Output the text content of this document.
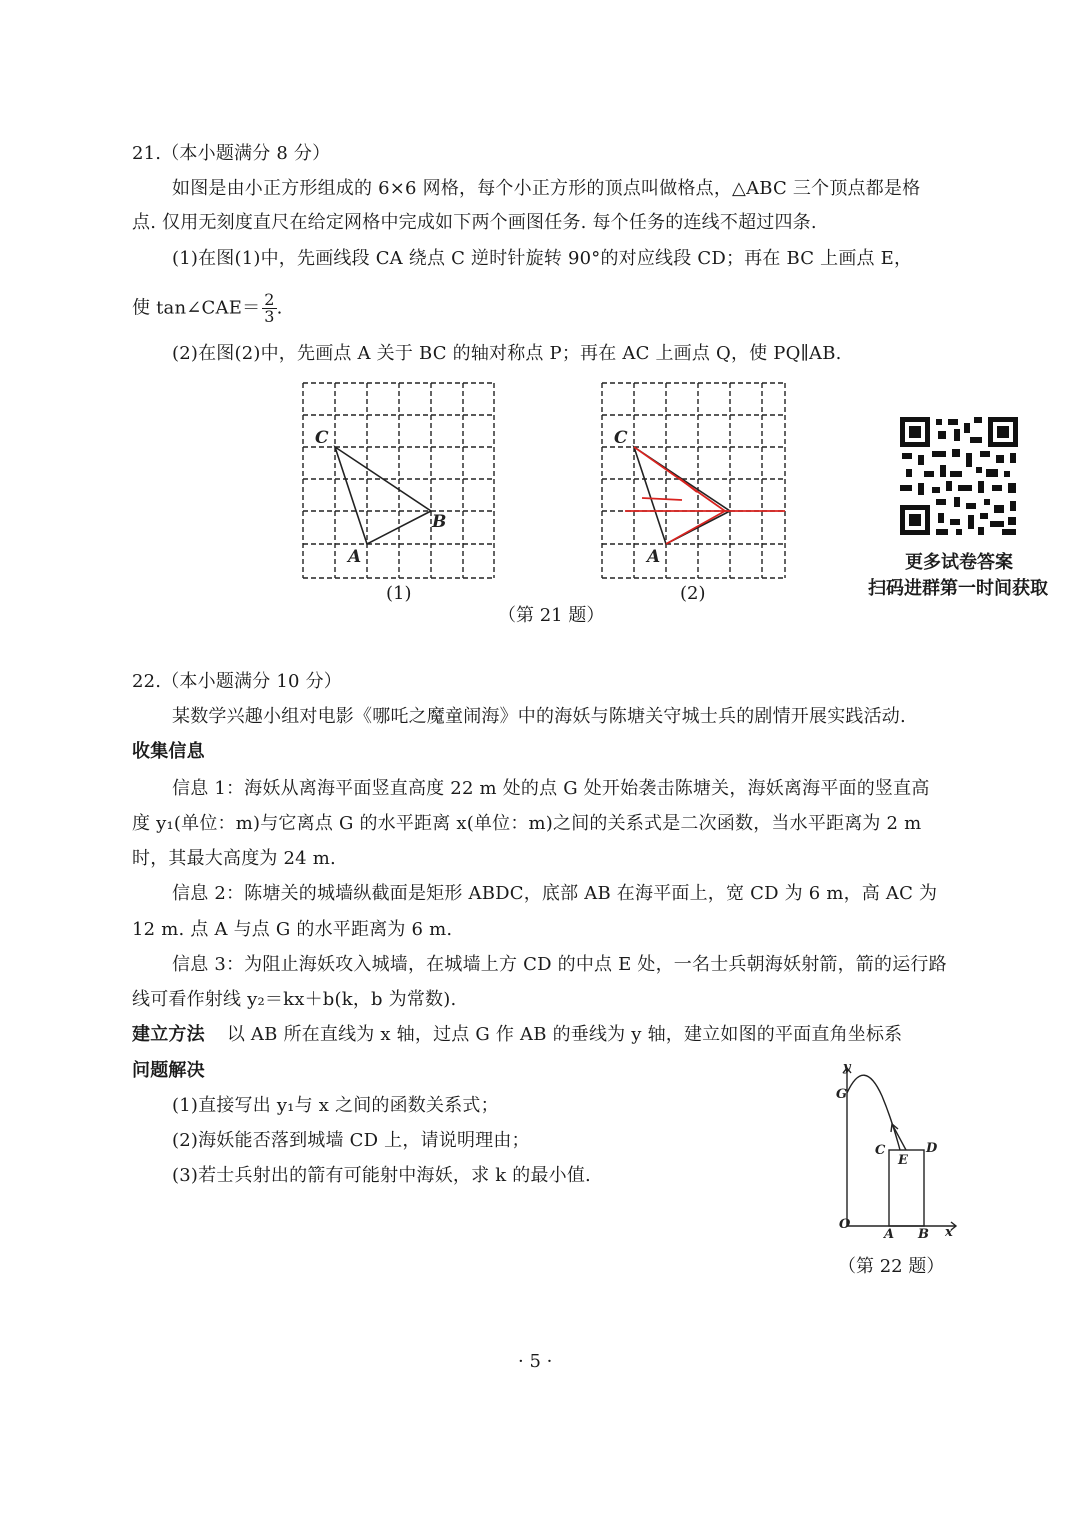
21.（本小题满分 8 分）
如图是由小正方形组成的 6×6 网格，每个小正方形的顶点叫做格点，△ABC 三个顶点都是格
点. 仅用无刻度直尺在给定网格中完成如下两个画图任务. 每个任务的连线不超过四条.
(1)在图(1)中，先画线段 CA 绕点 C 逆时针旋转 90°的对应线段 CD；再在 BC 上画点 E，
使 tan∠CAE＝ $\frac{2}{3}$ .
(2)在图(2)中，先画点 A 关于 BC 的轴对称点 P；再在 AC 上画点 Q，使 PQ∥AB.
C
B
A
(1)
C
A
(2)
（第 21 题）
更多试卷答案
扫码进群第一时间获取
22.（本小题满分 10 分）
某数学兴趣小组对电影《哪吒之魔童闹海》中的海妖与陈塘关守城士兵的剧情开展实践活动.
收集信息
信息 1：海妖从离海平面竖直高度 22 m 处的点 G 处开始袭击陈塘关，海妖离海平面的竖直高
度 y₁(单位：m)与它离点 G 的水平距离 x(单位：m)之间的关系式是二次函数，当水平距离为 2 m
时，其最大高度为 24 m.
信息 2：陈塘关的城墙纵截面是矩形 ABDC，底部 AB 在海平面上，宽 CD 为 6 m，高 AC 为
12 m. 点 A 与点 G 的水平距离为 6 m.
信息 3：为阻止海妖攻入城墙，在城墙上方 CD 的中点 E 处，一名士兵朝海妖射箭，箭的运行路
线可看作射线 y₂＝kx＋b(k，b 为常数).
建立方法 以 AB 所在直线为 x 轴，过点 G 作 AB 的垂线为 y 轴，建立如图的平面直角坐标系
问题解决
(1)直接写出 y₁与 x 之间的函数关系式；
(2)海妖能否落到城墙 CD 上，请说明理由；
(3)若士兵射出的箭有可能射中海妖，求 k 的最小值.
y
G
C	D
E
O
A B x
（第 22 题）
· 5 ·
